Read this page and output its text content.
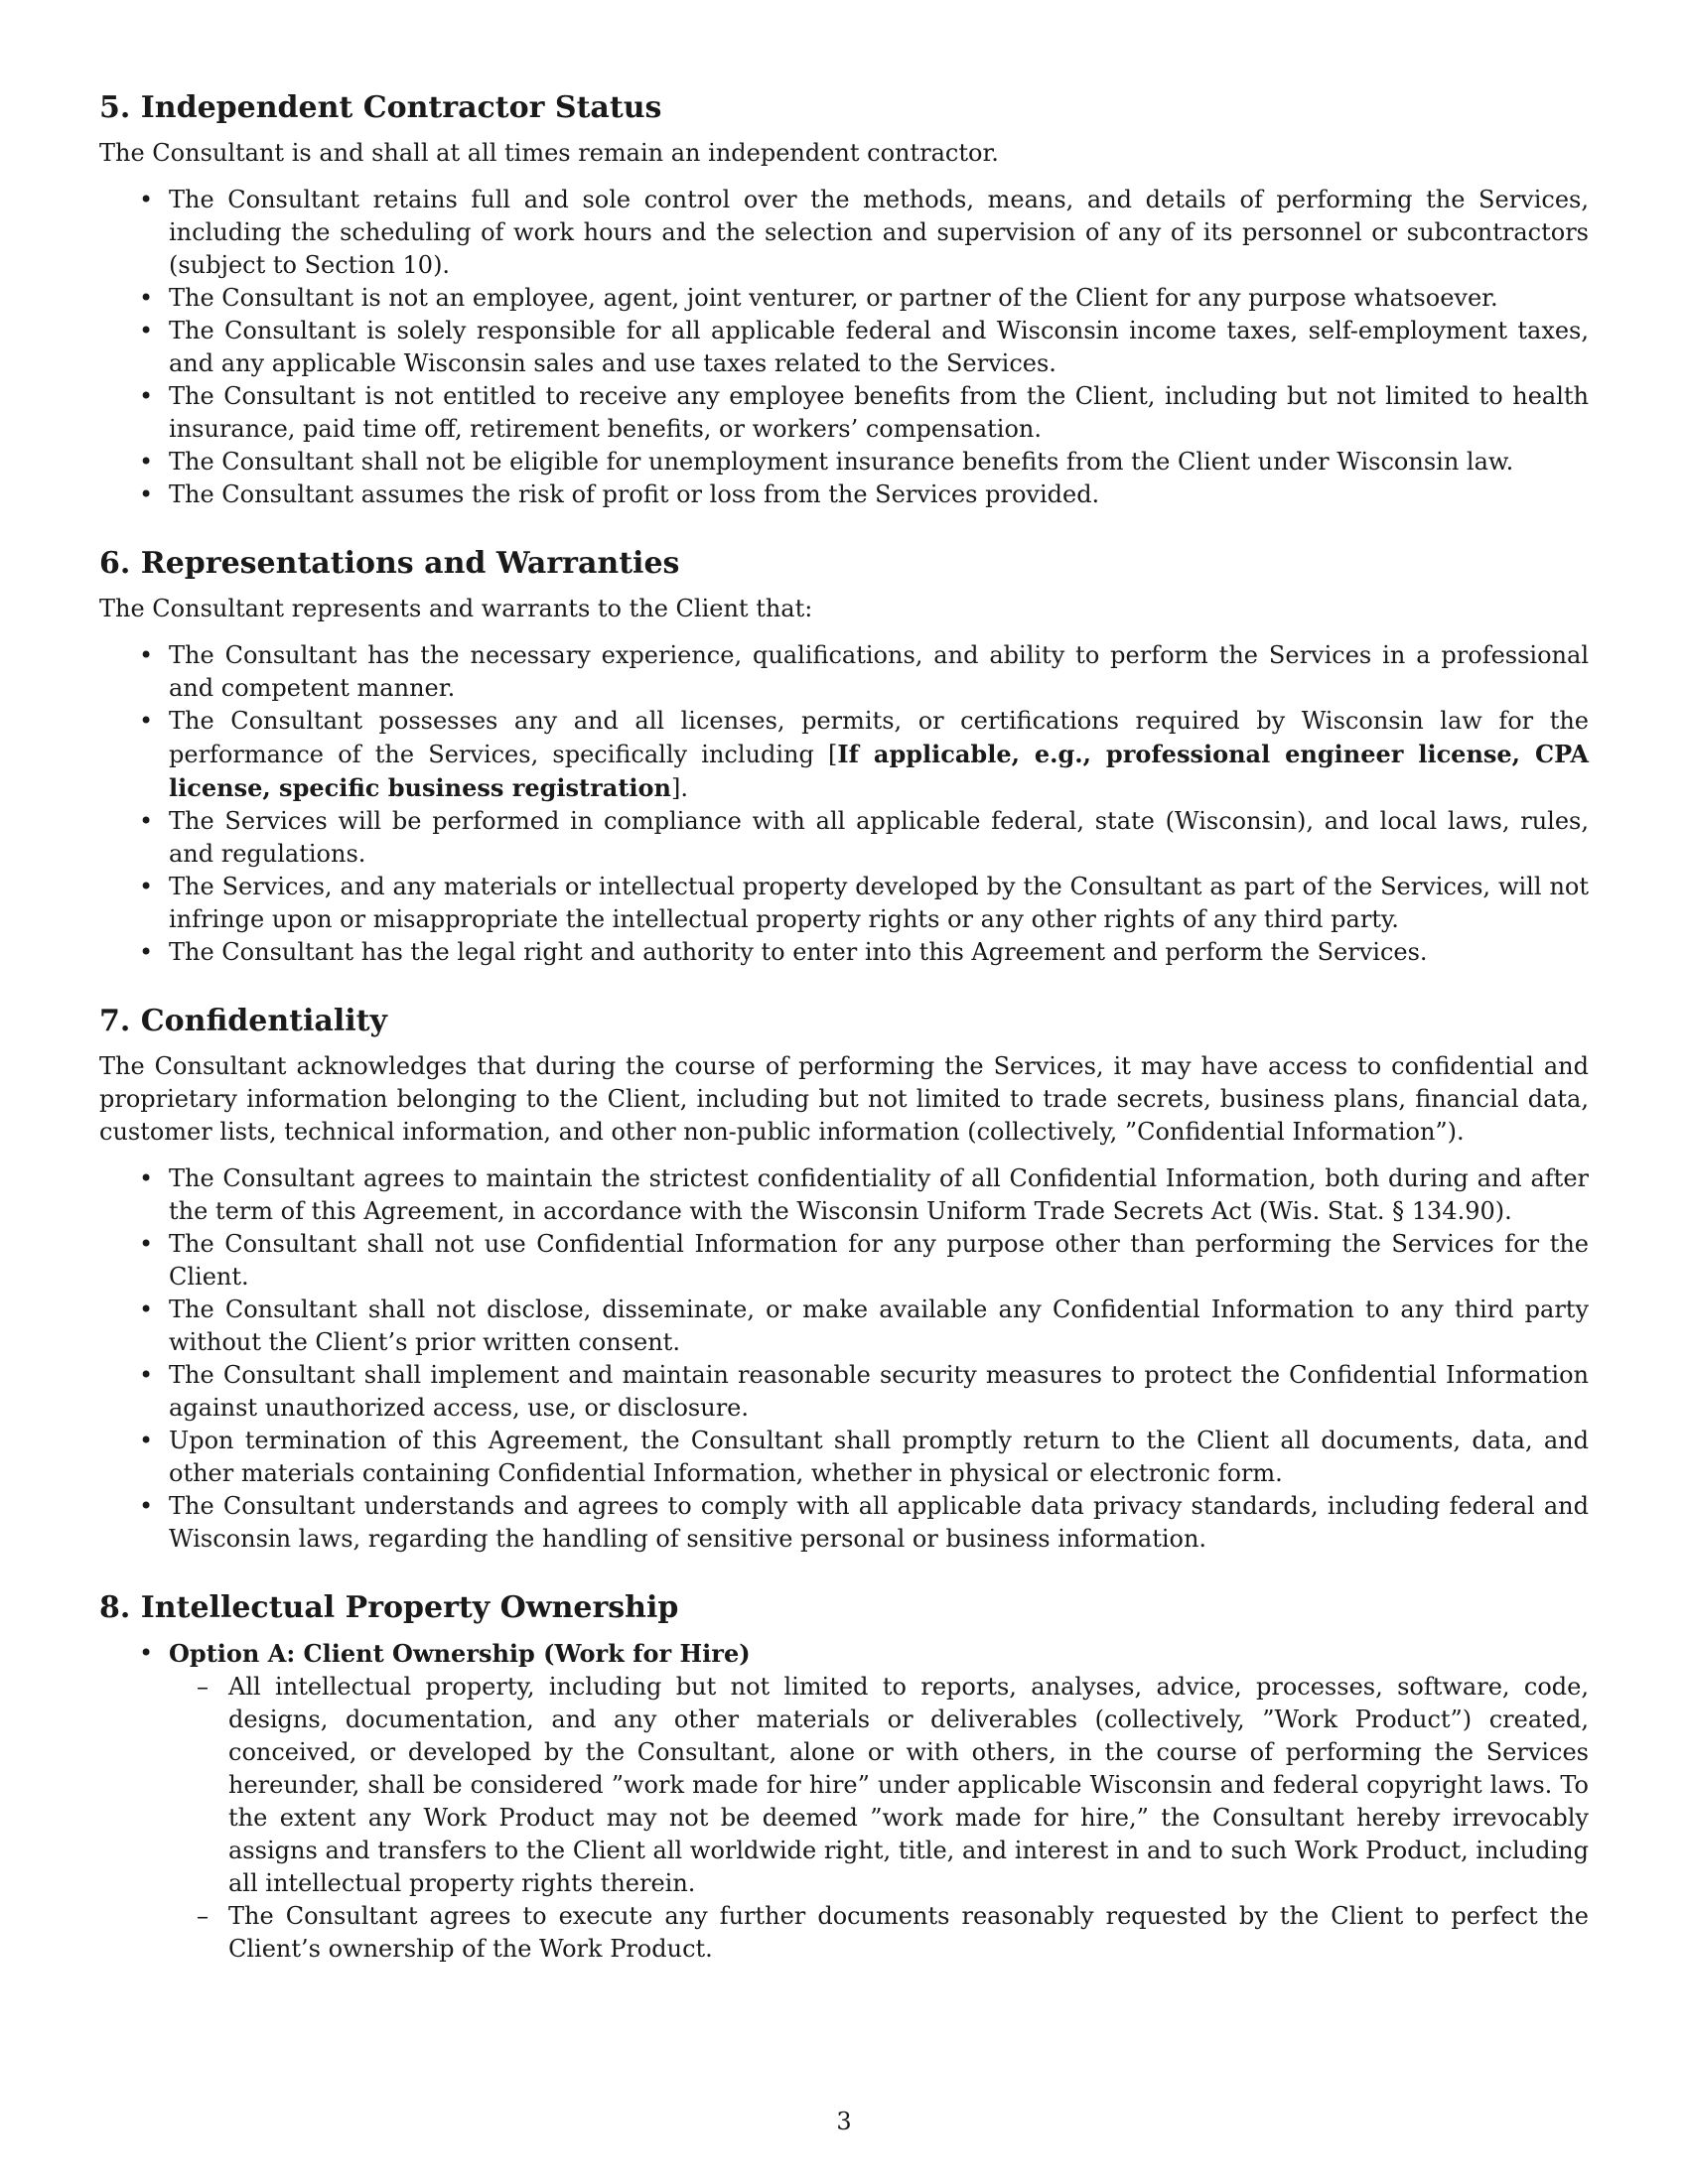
5. Independent Contractor Status

The Consultant is and shall at all times remain an independent contractor.

• The Consultant retains full and sole control over the methods, means, and details of performing the Services, including the scheduling of work hours and the selection and supervision of any of its personnel or subcontractors (subject to Section 10).
• The Consultant is not an employee, agent, joint venturer, or partner of the Client for any purpose whatsoever.
• The Consultant is solely responsible for all applicable federal and Wisconsin income taxes, self-employment taxes, and any applicable Wisconsin sales and use taxes related to the Services.
• The Consultant is not entitled to receive any employee benefits from the Client, including but not limited to health insurance, paid time off, retirement benefits, or workers’ compensation.
• The Consultant shall not be eligible for unemployment insurance benefits from the Client under Wisconsin law.
• The Consultant assumes the risk of profit or loss from the Services provided.
6. Representations and Warranties

The Consultant represents and warrants to the Client that:

• The Consultant has the necessary experience, qualifications, and ability to perform the Services in a professional and competent manner.
• The Consultant possesses any and all licenses, permits, or certifications required by Wisconsin law for the performance of the Services, specifically including [If applicable, e.g., professional engineer license, CPA license, specific business registration].
• The Services will be performed in compliance with all applicable federal, state (Wisconsin), and local laws, rules, and regulations.
• The Services, and any materials or intellectual property developed by the Consultant as part of the Services, will not infringe upon or misappropriate the intellectual property rights or any other rights of any third party.
• The Consultant has the legal right and authority to enter into this Agreement and perform the Services.
7. Confidentiality

The Consultant acknowledges that during the course of performing the Services, it may have access to confidential and proprietary information belonging to the Client, including but not limited to trade secrets, business plans, financial data, customer lists, technical information, and other non-public information (collectively, ”Confidential Information”).

• The Consultant agrees to maintain the strictest confidentiality of all Confidential Information, both during and after the term of this Agreement, in accordance with the Wisconsin Uniform Trade Secrets Act (Wis. Stat. § 134.90).
• The Consultant shall not use Confidential Information for any purpose other than performing the Services for the Client.
• The Consultant shall not disclose, disseminate, or make available any Confidential Information to any third party without the Client’s prior written consent.
• The Consultant shall implement and maintain reasonable security measures to protect the Confidential Information against unauthorized access, use, or disclosure.
• Upon termination of this Agreement, the Consultant shall promptly return to the Client all documents, data, and other materials containing Confidential Information, whether in physical or electronic form.
• The Consultant understands and agrees to comply with all applicable data privacy standards, including federal and Wisconsin laws, regarding the handling of sensitive personal or business information.
8. Intellectual Property Ownership
• Option A: Client Ownership (Work for Hire)
– All intellectual property, including but not limited to reports, analyses, advice, processes, software, code, designs, documentation, and any other materials or deliverables (collectively, ”Work Product”) created, conceived, or developed by the Consultant, alone or with others, in the course of performing the Services hereunder, shall be considered ”work made for hire” under applicable Wisconsin and federal copyright laws. To the extent any Work Product may not be deemed ”work made for hire,” the Consultant hereby irrevocably assigns and transfers to the Client all worldwide right, title, and interest in and to such Work Product, including all intellectual property rights therein.
– The Consultant agrees to execute any further documents reasonably requested by the Client to perfect the Client’s ownership of the Work Product.
3
